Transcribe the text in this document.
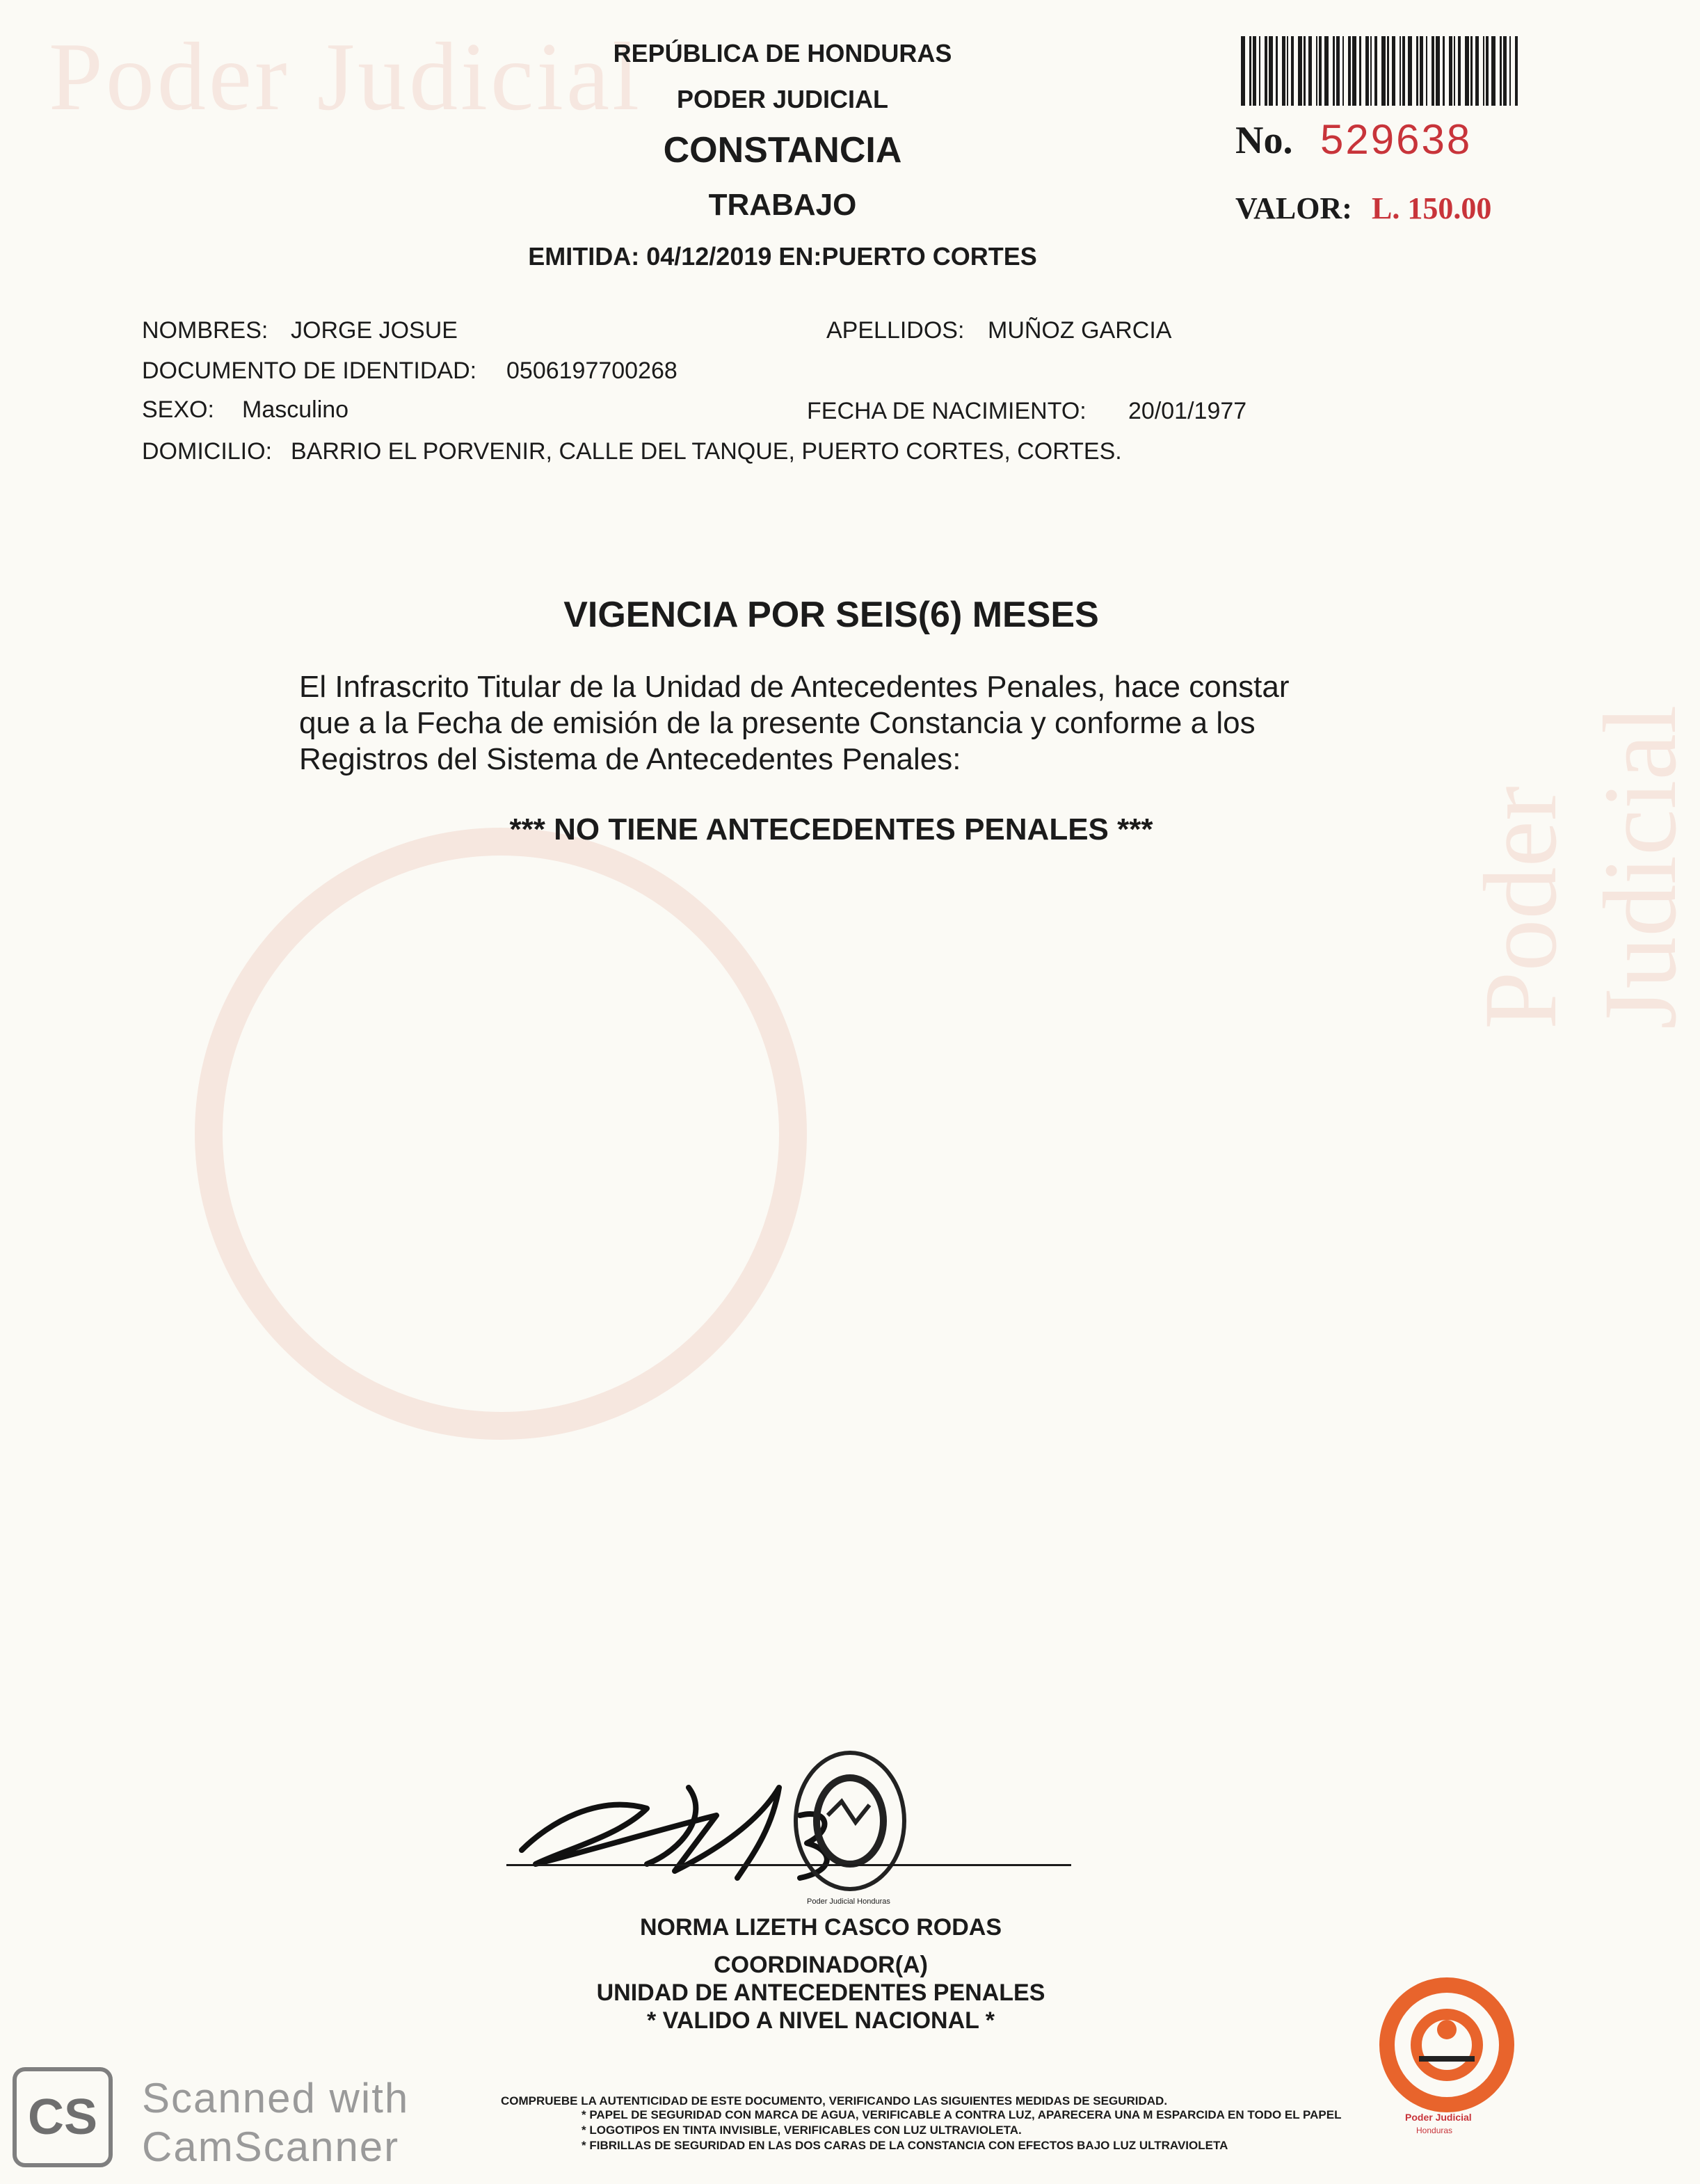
Poder Judicial
Poder Judicial
REPÚBLICA DE HONDURAS
PODER JUDICIAL
CONSTANCIA
TRABAJO
EMITIDA: 04/12/2019 EN:PUERTO CORTES
No. 529638
VALOR: L. 150.00
NOMBRES: JORGE JOSUE	APELLIDOS: MUÑOZ GARCIA
DOCUMENTO DE IDENTIDAD: 0506197700268
SEXO: Masculino	FECHA DE NACIMIENTO: 20/01/1977
DOMICILIO: BARRIO EL PORVENIR, CALLE DEL TANQUE, PUERTO CORTES, CORTES.
VIGENCIA POR SEIS(6) MESES
El Infrascrito Titular de la Unidad de Antecedentes Penales, hace constar
que a la Fecha de emisión de la presente Constancia y conforme a los
Registros del Sistema de Antecedentes Penales:
*** NO TIENE ANTECEDENTES PENALES ***
Poder Judicial Honduras
NORMA LIZETH CASCO RODAS
COORDINADOR(A)
UNIDAD DE ANTECEDENTES PENALES
* VALIDO A NIVEL NACIONAL *
Poder Judicial
Honduras
COMPRUEBE LA AUTENTICIDAD DE ESTE DOCUMENTO, VERIFICANDO LAS SIGUIENTES MEDIDAS DE SEGURIDAD.
* PAPEL DE SEGURIDAD CON MARCA DE AGUA, VERIFICABLE A CONTRA LUZ, APARECERA UNA M ESPARCIDA EN TODO EL PAPEL
* LOGOTIPOS EN TINTA INVISIBLE, VERIFICABLES CON LUZ ULTRAVIOLETA.
* FIBRILLAS DE SEGURIDAD EN LAS DOS CARAS DE LA CONSTANCIA CON EFECTOS BAJO LUZ ULTRAVIOLETA
CS	Scanned with
CamScanner
